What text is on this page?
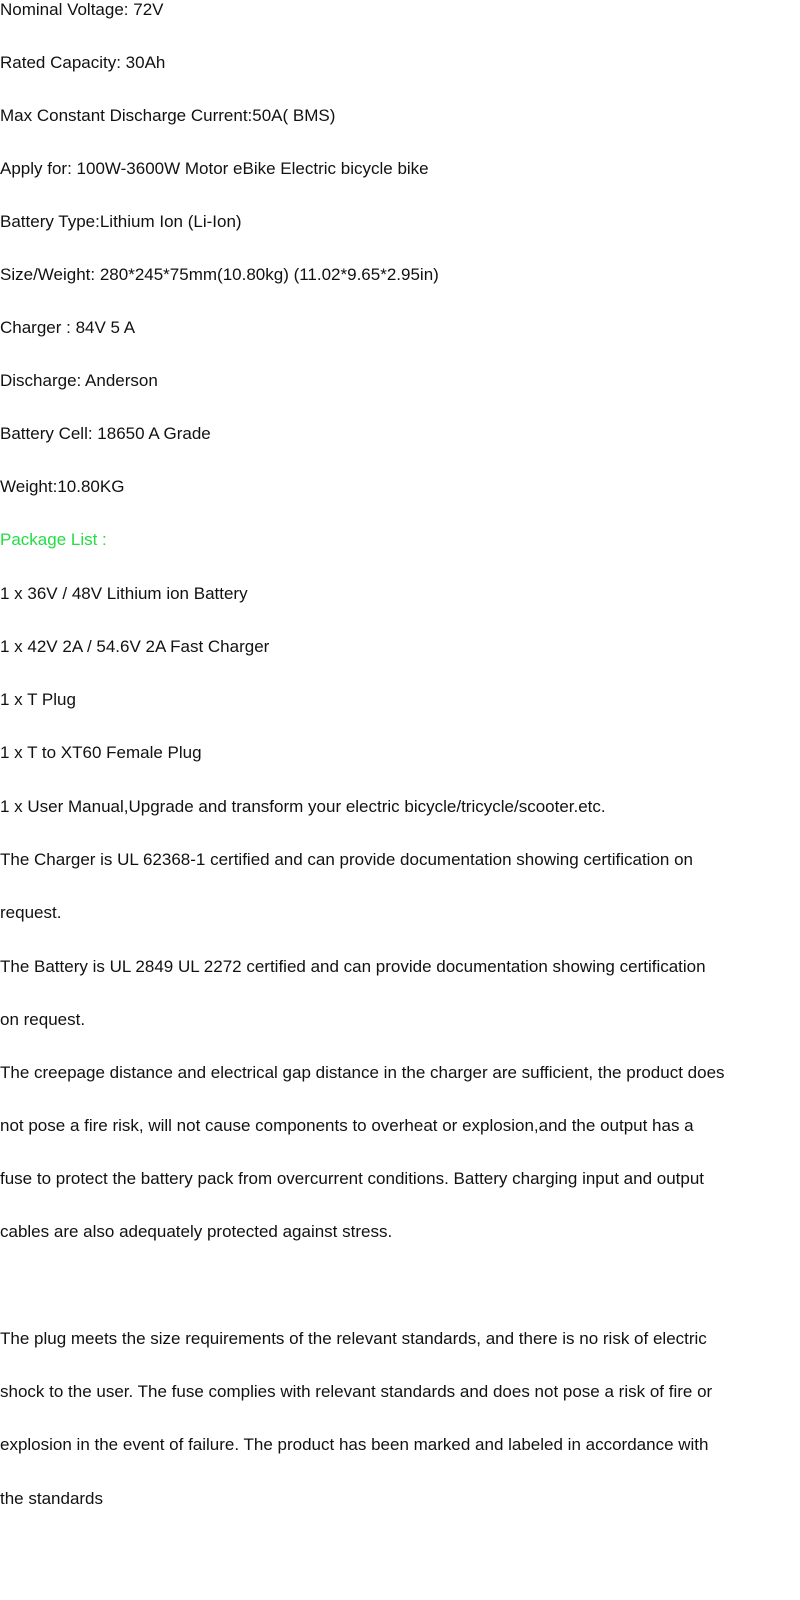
Nominal Voltage: 72V

Rated Capacity: 30Ah

Max Constant Discharge Current:50A( BMS)

Apply for: 100W-3600W Motor eBike Electric bicycle bike

Battery Type:Lithium Ion (Li-Ion)

Size/Weight: 280*245*75mm(10.80kg) (11.02*9.65*2.95in)

Charger : 84V 5 A

Discharge: Anderson

Battery Cell: 18650 A Grade

Weight:10.80KG

Package List :

1 x 36V / 48V Lithium ion Battery

1 x 42V 2A / 54.6V 2A Fast Charger

1 x T Plug

1 x T to XT60 Female Plug

1 x User Manual,Upgrade and transform your electric bicycle/tricycle/scooter.etc.

The Charger is UL 62368-1 certified and can provide documentation showing certification on

request.

The Battery is UL 2849 UL 2272 certified and can provide documentation showing certification

on request.

The creepage distance and electrical gap distance in the charger are sufficient, the product does

not pose a fire risk, will not cause components to overheat or explosion,and the output has a

fuse to protect the battery pack from overcurrent conditions. Battery charging input and output

cables are also adequately protected against stress.

The plug meets the size requirements of the relevant standards, and there is no risk of electric

shock to the user. The fuse complies with relevant standards and does not pose a risk of fire or

explosion in the event of failure. The product has been marked and labeled in accordance with

the standards
